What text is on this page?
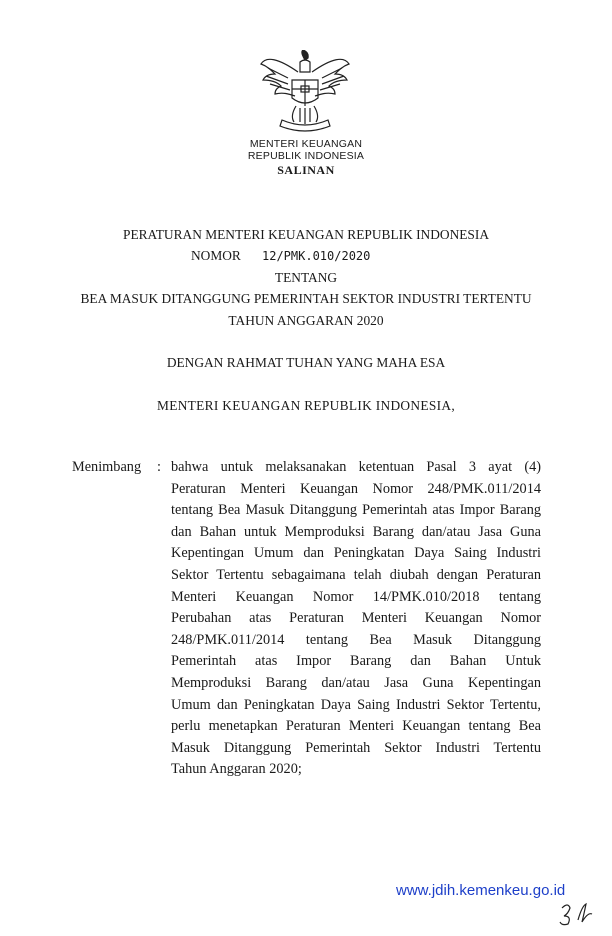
MENTERI KEUANGAN
REPUBLIK INDONESIA
SALINAN
PERATURAN MENTERI KEUANGAN REPUBLIK INDONESIA
NOMOR 12/PMK.010/2020
TENTANG
BEA MASUK DITANGGUNG PEMERINTAH SEKTOR INDUSTRI TERTENTU
TAHUN ANGGARAN 2020
DENGAN RAHMAT TUHAN YANG MAHA ESA
MENTERI KEUANGAN REPUBLIK INDONESIA,
Menimbang : bahwa untuk melaksanakan ketentuan Pasal 3 ayat (4)
Peraturan Menteri Keuangan Nomor 248/PMK.011/2014
tentang Bea Masuk Ditanggung Pemerintah atas Impor Barang
dan Bahan untuk Memproduksi Barang dan/atau Jasa Guna
Kepentingan Umum dan Peningkatan Daya Saing Industri
Sektor Tertentu sebagaimana telah diubah dengan Peraturan
Menteri Keuangan Nomor 14/PMK.010/2018 tentang
Perubahan atas Peraturan Menteri Keuangan Nomor
248/PMK.011/2014 tentang Bea Masuk Ditanggung
Pemerintah atas Impor Barang dan Bahan Untuk
Memproduksi Barang dan/atau Jasa Guna Kepentingan
Umum dan Peningkatan Daya Saing Industri Sektor Tertentu,
perlu menetapkan Peraturan Menteri Keuangan tentang Bea
Masuk Ditanggung Pemerintah Sektor Industri Tertentu
Tahun Anggaran 2020;
www.jdih.kemenkeu.go.id
